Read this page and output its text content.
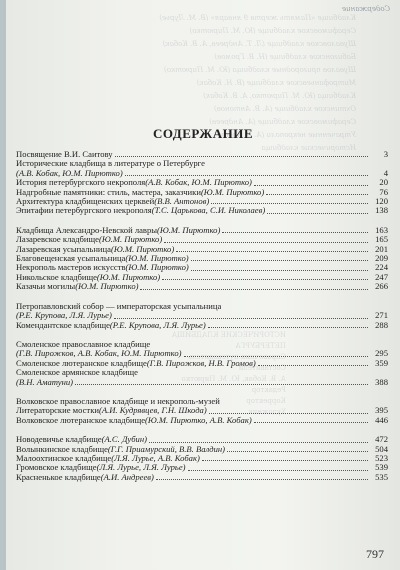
Содержание
Кладбище «Память жертв 9 января» (В. М. Лурье)
Серафимовское кладбище (Ю. М. Пирютко)
Шуваловское кладбище (Л. Т. Андреев, А. В. Кобак)
Бабигонское кладбище (Н. В. Громов)
Шувалов пригородные кладбища (Ю. М. Пирютко)
Митрофаньевское кладбище (В. Н. Кобак)
Кладбища (Ю. М. Пирютко, А. В. Кобак)
Охтинское кладбище (А. В. Антонов)
Серафимовское кладбище (А. Андреев)
Утраченные некрополи (А. В. Кобак)
Исторические кладбища
ИСТОРИЧЕСКИЕ КЛАДБИЩА
ПЕТЕРБУРГА
Справочник-путеводитель
Составители
А. В. Кобак, Ю. М. Пирютко
Редактор
Корректор
Художник
СОДЕРЖАНИЕ
Посвящение В.И. Саитову	3
Исторические кладбища в литературе о Петербурге
(А.В. Кобак, Ю.М. Пирютко)	4
История петербургского некрополя (А.В. Кобак, Ю.М. Пирютко)	20
Надгробные памятники: стиль, мастера, заказчики (Ю.М. Пирютко)	76
Архитектура кладбищенских церквей (В.В. Антонов)	120
Эпитафии петербургского некрополя (Т.С. Царькова, С.И. Николаев)	138
Кладбища Александро-Невской лавры (Ю.М. Пирютко)	163
Лазаревское кладбище (Ю.М. Пирютко)	165
Лазаревская усыпальница (Ю.М. Пирютко)	201
Благовещенская усыпальница (Ю.М. Пирютко)	209
Некрополь мастеров искусств (Ю.М. Пирютко)	224
Никольское кладбище (Ю.М. Пирютко)	247
Казачьи могилы (Ю.М. Пирютко)	266
Петропавловский собор — императорская усыпальница
(Р.Е. Крупова, Л.Я. Лурье)	271
Комендантское кладбище (Р.Е. Крупова, Л.Я. Лурье)	288
Смоленское православное кладбище
(Г.В. Пирожков, А.В. Кобак, Ю.М. Пирютко)	295
Смоленское лютеранское кладбище (Г.В. Пирожков, Н.В. Громов)	359
Смоленское армянское кладбище
(В.Н. Аматуни)	388
Волковское православное кладбище и некрополь-музей
Литераторские мостки (А.И. Кудрявцев, Г.Н. Шкода)	395
Волковское лютеранское кладбище (Ю.М. Пирютко, А.В. Кобак)	446
Новодевичье кладбище (А.С. Дубин)	472
Волынкинское кладбище (Г.Г. Приамурский, В.В. Валдин)	504
Малоохтинское кладбище (Л.Я. Лурье, А.В. Кобак)	523
Громовское кладбище (Л.Я. Лурье, Л.Я. Лурье)	539
Красненькое кладбище (А.И. Андреев)	535
797
